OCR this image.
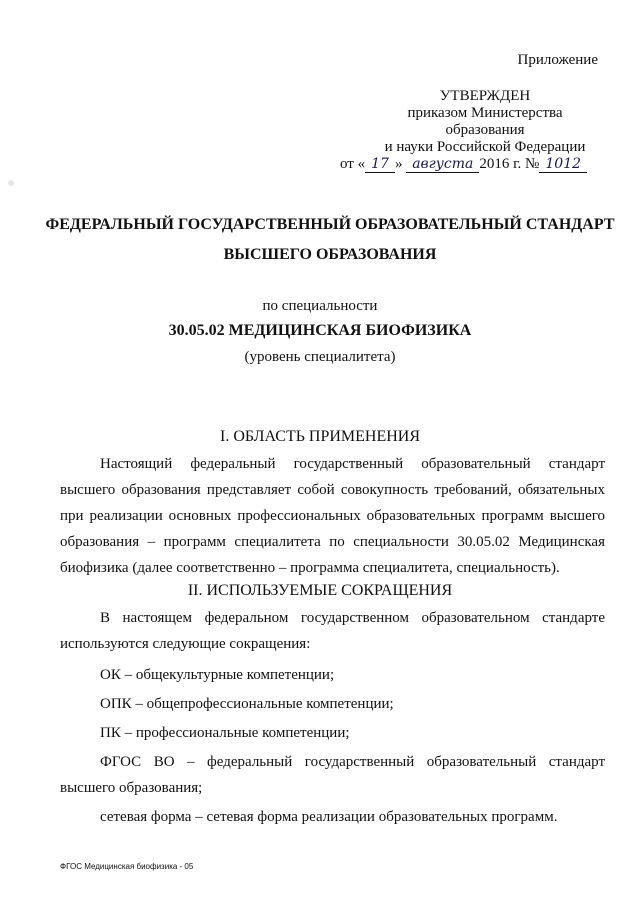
Приложение
УТВЕРЖДЕН
приказом Министерства образования
и науки Российской Федерации
от « 17 » августа 2016 г. № 1012
ФЕДЕРАЛЬНЫЙ ГОСУДАРСТВЕННЫЙ ОБРАЗОВАТЕЛЬНЫЙ СТАНДАРТ
ВЫСШЕГО ОБРАЗОВАНИЯ
по специальности
30.05.02 МЕДИЦИНСКАЯ БИОФИЗИКА
(уровень специалитета)
I. ОБЛАСТЬ ПРИМЕНЕНИЯ

Настоящий федеральный государственный образовательный стандарт высшего образования представляет собой совокупность требований, обязательных при реализации основных профессиональных образовательных программ высшего образования – программ специалитета по специальности 30.05.02 Медицинская биофизика (далее соответственно – программа специалитета, специальность).

II. ИСПОЛЬЗУЕМЫЕ СОКРАЩЕНИЯ

В настоящем федеральном государственном образовательном стандарте используются следующие сокращения:

ОК – общекультурные компетенции;

ОПК – общепрофессиональные компетенции;

ПК – профессиональные компетенции;

ФГОС ВО – федеральный государственный образовательный стандарт высшего образования;

сетевая форма – сетевая форма реализации образовательных программ.

ФГОС Медицинская биофизика - 05
